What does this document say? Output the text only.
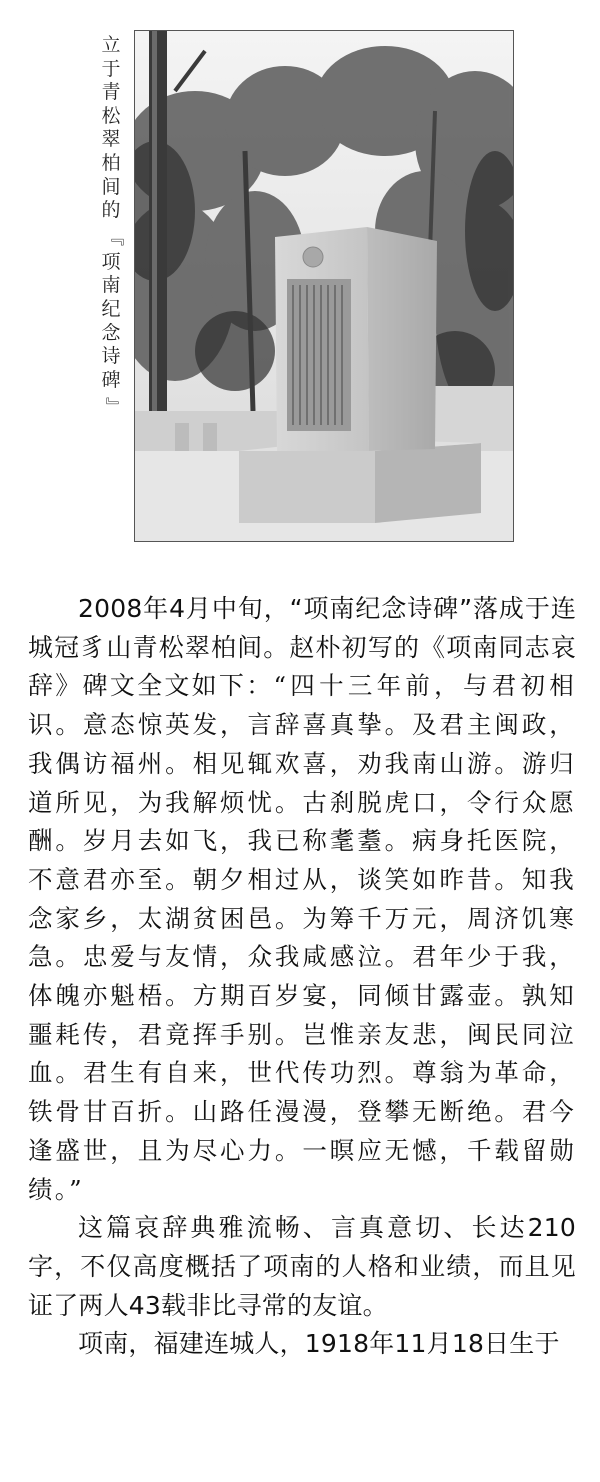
立
于
青
松
翠
柏
间
的
『
项
南
纪
念
诗
碑
』

2008年4月中旬，“项南纪念诗碑”落成于连城冠豸山青松翠柏间。赵朴初写的《项南同志哀辞》碑文全文如下：“四十三年前，与君初相识。意态惊英发，言辞喜真挚。及君主闽政，我偶访福州。相见辄欢喜，劝我南山游。游归道所见，为我解烦忧。古刹脱虎口，令行众愿酬。岁月去如飞，我已称耄耋。病身托医院，不意君亦至。朝夕相过从，谈笑如昨昔。知我念家乡，太湖贫困邑。为筹千万元，周济饥寒急。忠爱与友情，众我咸感泣。君年少于我，体魄亦魁梧。方期百岁宴，同倾甘露壶。孰知噩耗传，君竟挥手别。岂惟亲友悲，闽民同泣血。君生有自来，世代传功烈。尊翁为革命，铁骨甘百折。山路任漫漫，登攀无断绝。君今逢盛世，且为尽心力。一暝应无憾，千载留勋绩。”

这篇哀辞典雅流畅、言真意切、长达210字，不仅高度概括了项南的人格和业绩，而且见证了两人43载非比寻常的友谊。

项南，福建连城人，1918年11月18日生于
